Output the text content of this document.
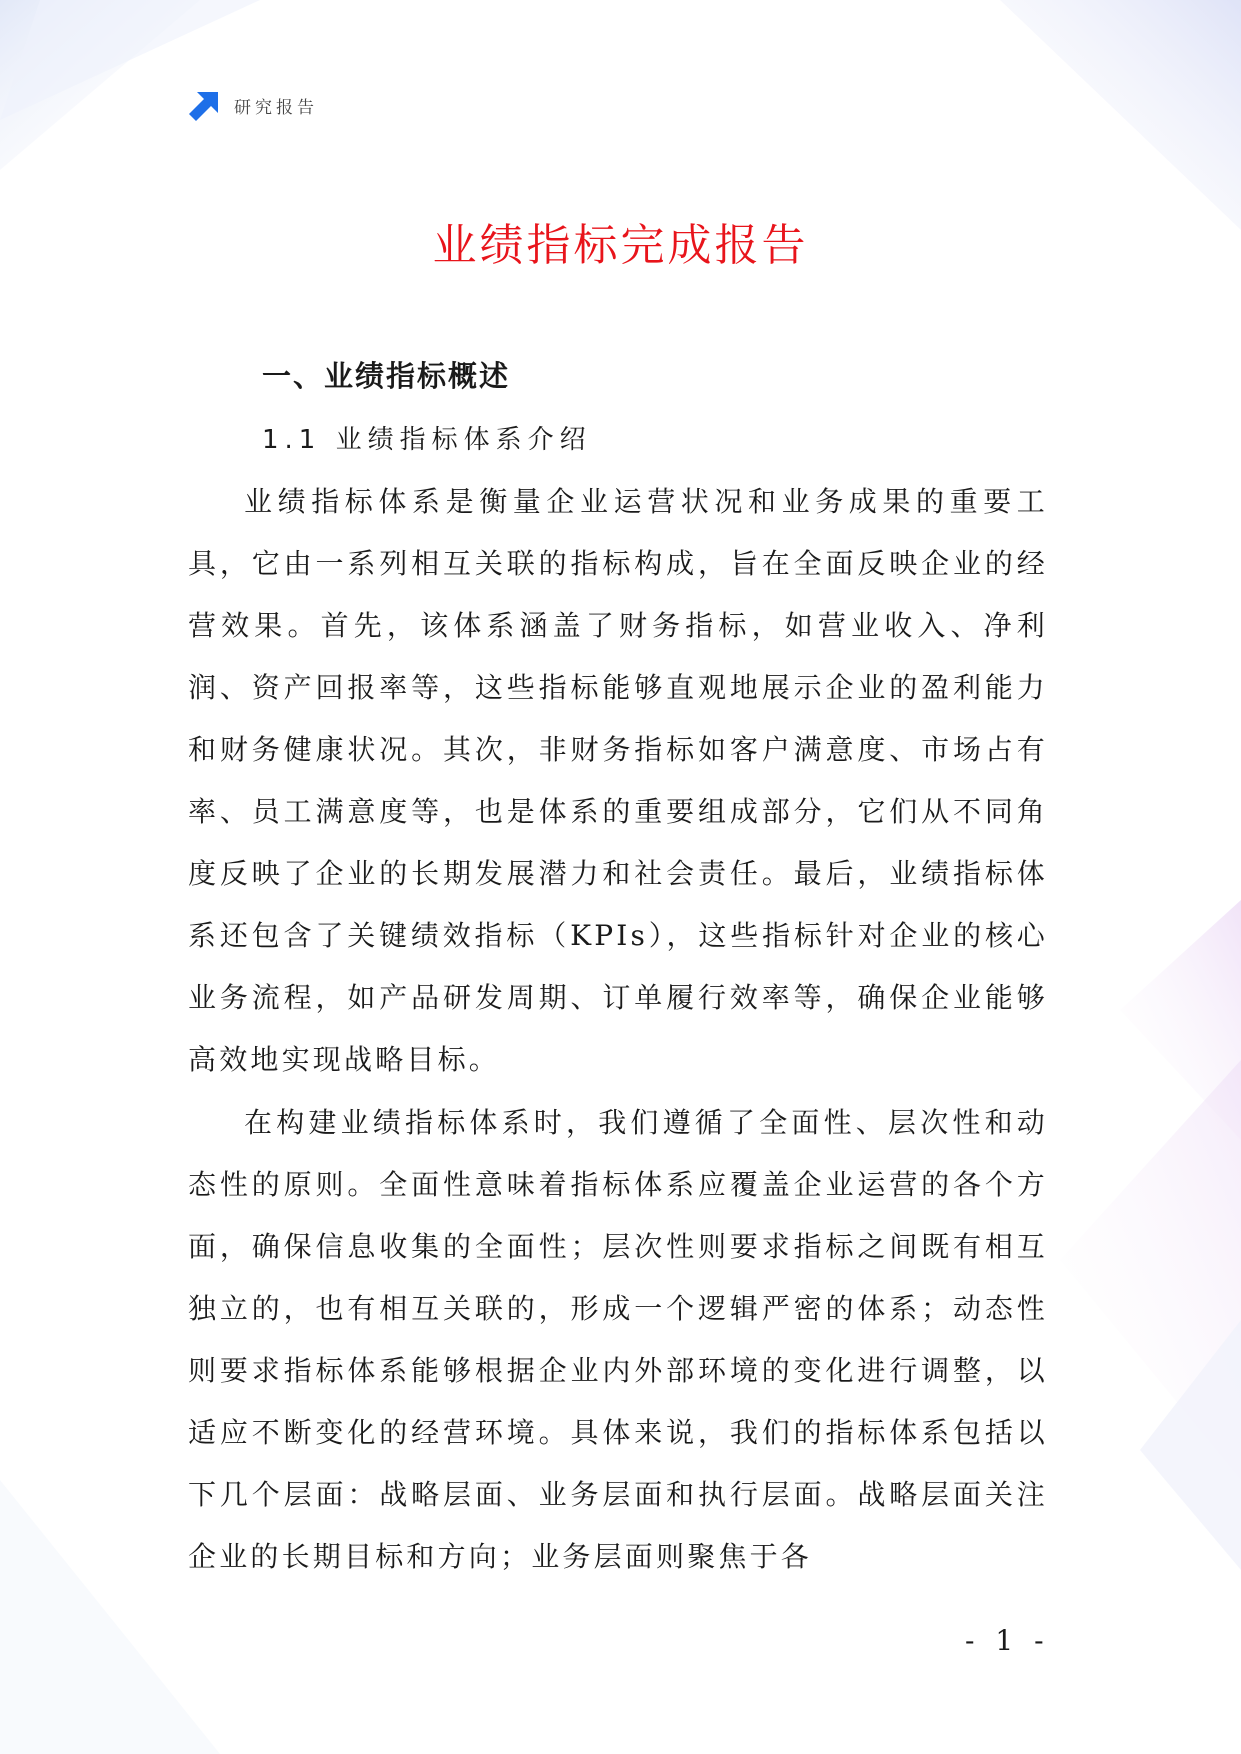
研究报告
业绩指标完成报告
一、业绩指标概述
1.1 业绩指标体系介绍

业绩指标体系是衡量企业运营状况和业务成果的重要工具，它由一系列相互关联的指标构成，旨在全面反映企业的经营效果。首先，该体系涵盖了财务指标，如营业收入、净利润、资产回报率等，这些指标能够直观地展示企业的盈利能力和财务健康状况。其次，非财务指标如客户满意度、市场占有率、员工满意度等，也是体系的重要组成部分，它们从不同角度反映了企业的长期发展潜力和社会责任。最后，业绩指标体系还包含了关键绩效指标（KPIs），这些指标针对企业的核心业务流程，如产品研发周期、订单履行效率等，确保企业能够高效地实现战略目标。

在构建业绩指标体系时，我们遵循了全面性、层次性和动态性的原则。全面性意味着指标体系应覆盖企业运营的各个方面，确保信息收集的全面性；层次性则要求指标之间既有相互独立的，也有相互关联的，形成一个逻辑严密的体系；动态性则要求指标体系能够根据企业内外部环境的变化进行调整，以适应不断变化的经营环境。具体来说，我们的指标体系包括以下几个层面：战略层面、业务层面和执行层面。战略层面关注企业的长期目标和方向；业务层面则聚焦于各

- 1 -
